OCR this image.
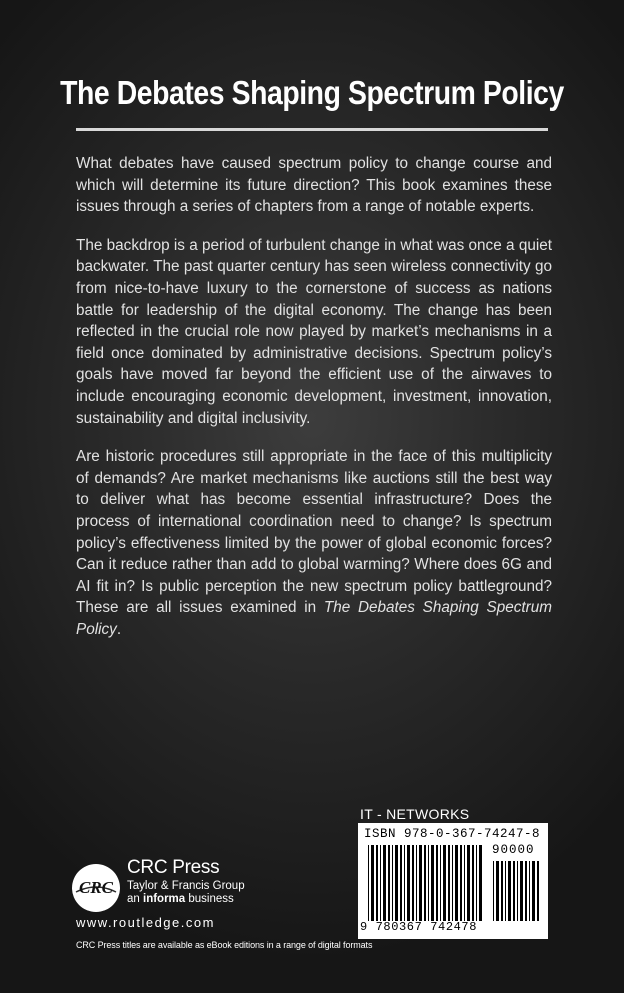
The Debates Shaping Spectrum Policy

What debates have caused spectrum policy to change course and which will determine its future direction? This book examines these issues through a series of chapters from a range of notable experts.

The backdrop is a period of turbulent change in what was once a quiet backwater. The past quarter century has seen wireless connectivity go from nice-to-have luxury to the cornerstone of success as nations battle for leadership of the digital economy. The change has been reflected in the crucial role now played by market’s mechanisms in a field once dominated by administrative decisions. Spectrum policy’s goals have moved far beyond the efficient use of the airwaves to include encouraging economic development, investment, innovation, sustainability and digital inclusivity.

Are historic procedures still appropriate in the face of this multiplicity of demands? Are market mechanisms like auctions still the best way to deliver what has become essential infrastructure? Does the process of international coordination need to change? Is spectrum policy’s effectiveness limited by the power of global economic forces? Can it reduce rather than add to global warming? Where does 6G and AI fit in? Is public perception the new spectrum policy battleground? These are all issues examined in The Debates Shaping Spectrum Policy.

IT - NETWORKS
ISBN 978-0-367-74247-8
90000
9 780367 742478
CRC
CRC Press
Taylor & Francis Group
an informa business
www.routledge.com
CRC Press titles are available as eBook editions in a range of digital formats
